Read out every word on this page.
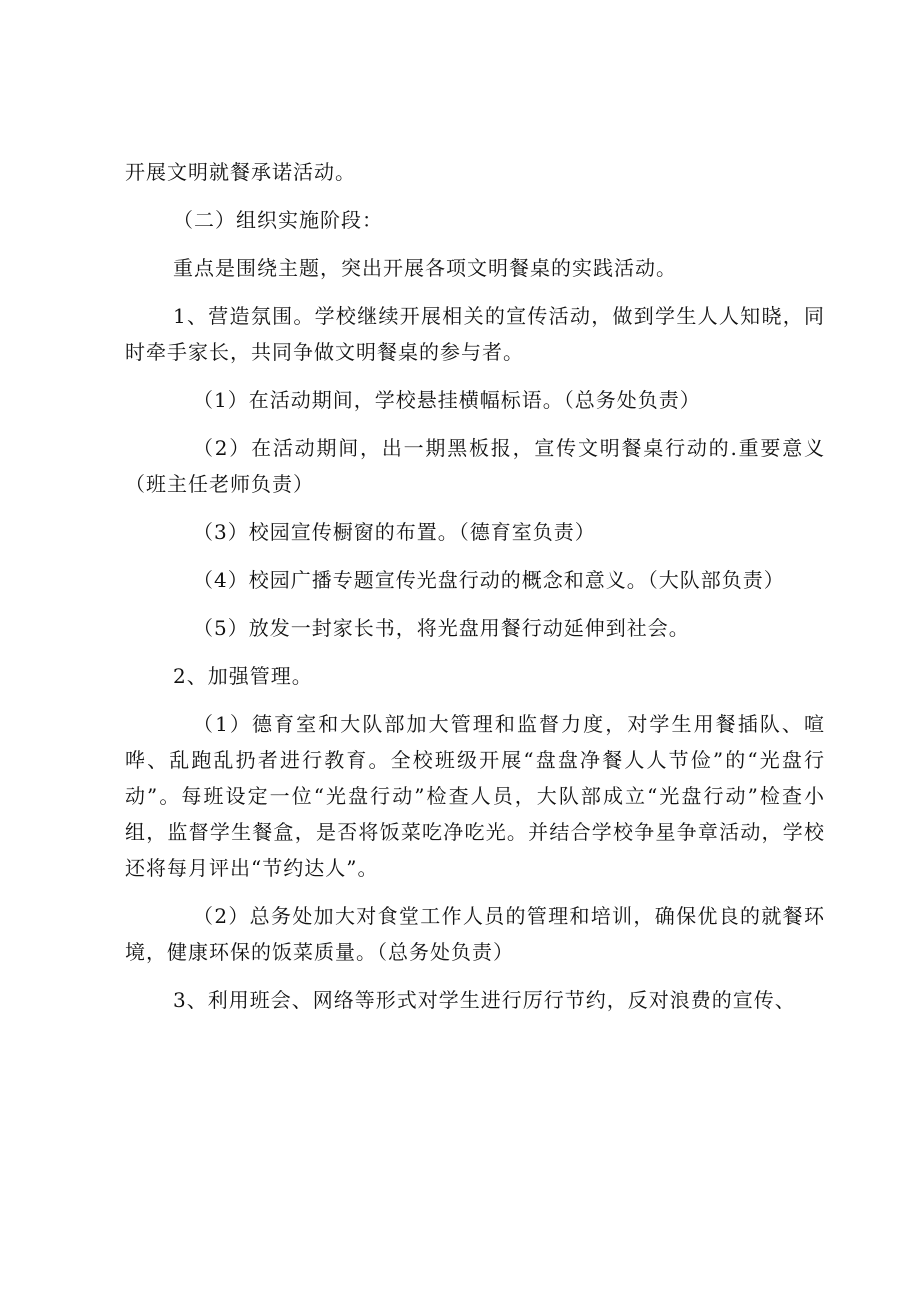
开展文明就餐承诺活动。

（二）组织实施阶段：

重点是围绕主题，突出开展各项文明餐桌的实践活动。

1、营造氛围。学校继续开展相关的宣传活动，做到学生人人知晓，同时牵手家长，共同争做文明餐桌的参与者。

（1）在活动期间，学校悬挂横幅标语。（总务处负责）

（2）在活动期间，出一期黑板报，宣传文明餐桌行动的.重要意义（班主任老师负责）

（3）校园宣传橱窗的布置。（德育室负责）

（4）校园广播专题宣传光盘行动的概念和意义。（大队部负责）

（5）放发一封家长书，将光盘用餐行动延伸到社会。

2、加强管理。

（1）德育室和大队部加大管理和监督力度，对学生用餐插队、喧哗、乱跑乱扔者进行教育。全校班级开展“盘盘净餐人人节俭”的“光盘行动”。每班设定一位“光盘行动”检查人员，大队部成立“光盘行动”检查小组，监督学生餐盒，是否将饭菜吃净吃光。并结合学校争星争章活动，学校还将每月评出“节约达人”。

（2）总务处加大对食堂工作人员的管理和培训，确保优良的就餐环境，健康环保的饭菜质量。（总务处负责）

3、利用班会、网络等形式对学生进行厉行节约，反对浪费的宣传、
